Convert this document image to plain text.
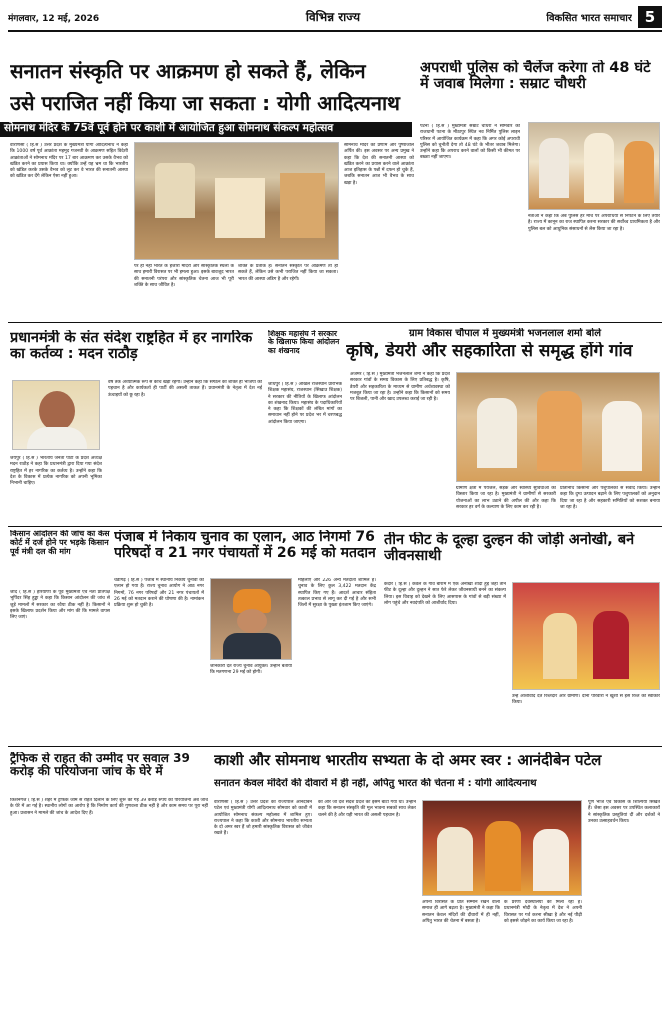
मंगलवार, 12 मई, 2026	विभिन्न राज्य	विकसित भारत समाचार 5
सनातन संस्कृति पर आक्रमण हो सकते हैं, लेकिन
उसे पराजित नहीं किया जा सकता : योगी आदित्यनाथ
सोमनाथ मंदिर के 75वें पूर्व होने पर काशी में आयोजित हुआ सोमनाथ संकल्प महोत्सव
वाराणसी ( हि.स ) उत्तर प्रदेश के मुख्यमंत्री योगी आदित्यनाथ ने कहा कि 1000 वर्ष पूर्व आक्रांता महमूद गजनवी के आक्रमण सहित विदेशी आक्रांताओं ने सोमनाथ मंदिर पर 17 बार आक्रमण कर उसके वैभव को खंडित करने का प्रयास किया था। क्योंकि उन्हें यह भ्रम था कि भारतीय को खंडित करके उसके वैभव को लूट कर वे भारत की सनातनी आस्था को खंडित कर देंगे लेकिन ऐसा नहीं हुआ।
पर ही नहीं भारत के हजारों मंदिरों और सांस्कृतिक स्थलों के साथ हमारी विरासत पर भी हमला हुआ। इसके बावजूद भारत की सनातनी परंपरा और सांस्कृतिक चेतना आज भी पूरी शक्ति के साथ जीवित है।
शक्ति के प्रतीक हैं। सनातन संस्कृति पर आक्रमण तो हो सकते हैं, लेकिन उसे कभी पराजित नहीं किया जा सकता। भारत की आस्था अडिग है और रहेगी।
सोमनाथ मंदिर को प्रणाम और पुष्पांजलि अर्पित की। इस अवसर पर अन्य प्रमुख ने कहा कि देश की सनातनी आस्था को खंडित करने का प्रयास करने वाले आक्रांता आज इतिहास के पन्नों में दफन हो चुके हैं, जबकि सनातन आज भी वैभव के साथ खड़ा है।
अपराधी पुलिस को चैलेंज करेगा तो 48 घंटे में जवाब मिलेगा : सम्राट चौधरी
पटना ( हि.स ) मुख्यमंत्री सम्राट चौधरी ने सोमवार को राजधानी पटना के मीठापुर स्थित नव निर्मित पुलिस लाइन परिसर में आयोजित कार्यक्रम में कहा कि अगर कोई अपराधी पुलिस को चुनौती देगा तो 48 घंटे के भीतर जवाब मिलेगा। उन्होंने कहा कि अपराध करने वालों को किसी भी कीमत पर बख्शा नहीं जाएगा।
नेताओं ने कहा कि अब पुलिस हर मोर्चे पर अपराधियों से निपटने के लिए तैयार है। राज्य में कानून का राज स्थापित करना सरकार की सर्वोच्च प्राथमिकता है और पुलिस बल को आधुनिक संसाधनों से लैस किया जा रहा है।
प्रधानमंत्री के संत संदेश राष्ट्रहित में हर नागरिक का कर्तव्य : मदन राठौड़
जयपुर ( हि.स ) भारतीय जनता पार्टी के प्रदेश अध्यक्ष मदन राठौड़ ने कहा कि प्रधानमंत्री द्वारा दिया गया संदेश राष्ट्रहित में हर नागरिक का कर्तव्य है। उन्होंने कहा कि देश के विकास में प्रत्येक नागरिक को अपनी भूमिका निभानी चाहिए।
वर्ष तक अध्यात्मिक रूप से कोच खड़ी रहेगी। उन्होंने कहा कि संगठन की शक्ति ही भाजपा की पहचान है और कार्यकर्ता ही पार्टी की असली ताकत हैं। प्रधानमंत्री के नेतृत्व में देश नई ऊंचाइयों को छू रहा है।
शिक्षक महासंघ ने सरकार के खिलाफ किया आंदोलन का शंखनाद
जोधपुर ( हि.स ) अखिल राजस्थान प्रारंभिक शिक्षक महासंघ, राजस्थान (सिखाउ शिक्षक) ने सरकार की नीतियों के खिलाफ आंदोलन का शंखनाद किया। महासंघ के पदाधिकारियों ने कहा कि शिक्षकों की लंबित मांगों का समाधान नहीं होने पर प्रदेश भर में चरणबद्ध आंदोलन किया जाएगा।
ग्राम विकास चौपाल में मुख्यमंत्री भजनलाल शर्मा बोले
कृषि, डेयरी और सहकारिता से समृद्ध होंगे गांव
अजमेर ( हि.स ) मुख्यमंत्री भजनलाल शर्मा ने कहा कि प्रदेश सरकार गांवों के समग्र विकास के लिए प्रतिबद्ध है। कृषि, डेयरी और सहकारिता के माध्यम से ग्रामीण अर्थव्यवस्था को मजबूत किया जा रहा है। उन्होंने कहा कि किसानों को समय पर बिजली, पानी और खाद उपलब्ध कराई जा रही है।
ग्रामीण क्षेत्रों में पेयजल, सड़क और स्वास्थ्य सुविधाओं का विस्तार किया जा रहा है। मुख्यमंत्री ने ग्रामीणों से सरकारी योजनाओं का लाभ उठाने की अपील की और कहा कि सरकार हर वर्ग के कल्याण के लिए काम कर रही है।
प्रतिनिधि किसानों और पशुपालकों से संवाद किया। उन्होंने कहा कि दुग्ध उत्पादन बढ़ाने के लिए पशुपालकों को अनुदान दिया जा रहा है और सहकारी समितियों को सशक्त बनाया जा रहा है।
किसान आंदोलन की जांच का केस कोर्ट में दर्ज होने पर भड़के किसान पूर्व मंत्री दल की मांग
जींद ( हि.स ) हरियाणा के पूर्व मुख्यमंत्री एवं नेता प्रतिपक्ष भूपिंदर सिंह हुड्डा ने कहा कि किसान आंदोलन की जांच से जुड़े मामलों में सरकार का रवैया ठीक नहीं है। किसानों ने इसके खिलाफ प्रदर्शन किया और मांग की कि मामले वापस लिए जाएं।
पंजाब में निकाय चुनाव का एलान, आठ निगमों 76 परिषदों व 21 नगर पंचायतों में 26 मई को मतदान
चंडीगढ़ ( हि.स ) पंजाब में स्थानीय निकाय चुनावों का एलान हो गया है। राज्य चुनाव आयोग ने आठ नगर निगमों, 76 नगर परिषदों और 21 नगर पंचायतों में 26 मई को मतदान कराने की घोषणा की है। नामांकन प्रक्रिया शुरू हो चुकी है।
जानकारी देते राज्य चुनाव आयुक्त। उन्होंने बताया कि मतगणना 29 मई को होगी।
महिलाएं और 226 अन्य मतदाता शामिल हैं। चुनाव के लिए कुल 3,422 मतदान केंद्र स्थापित किए गए हैं। आदर्श आचार संहिता तत्काल प्रभाव से लागू कर दी गई है और सभी जिलों में सुरक्षा के पुख्ता इंतजाम किए जाएंगे।
तीन फीट के दूल्हा दुल्हन की जोड़ी अनोखी, बने जीवनसाथी
केदार ( हि.स ) केवल के गांव बोराम में एक अनोखी शादी हुई जहां तीन फीट के दूल्हा और दुल्हन ने सात फेरे लेकर जीवनसाथी बनने का संकल्प लिया। इस विवाह को देखने के लिए आसपास के गांवों से बड़ी संख्या में लोग पहुंचे और नवदंपति को आशीर्वाद दिया।
उन्हें आशीर्वाद देते रिश्तेदार और ग्रामीण। दोनों परिवारों ने खुशी से इस रिश्ते को स्वीकार किया।
ट्रैफिक से राहत की उम्मीद पर सवाल 39 करोड़ की परियोजना जांच के घेरे में
किशनगंज ( हि.स ) शहर में ट्रैफिक जाम से राहत दिलाने के लिए शुरू की गई 39 करोड़ रुपये की परियोजना अब जांच के घेरे में आ गई है। स्थानीय लोगों का आरोप है कि निर्माण कार्य की गुणवत्ता ठीक नहीं है और काम समय पर पूरा नहीं हुआ। प्रशासन ने मामले की जांच के आदेश दिए हैं।
काशी और सोमनाथ भारतीय सभ्यता के दो अमर स्वर : आनंदीबेन पटेल
सनातन केवल मंदिरों की दीवारों में ही नहीं, अपितु भारत की चेतना में : योगी आदित्यनाथ
वाराणसी ( हि.स ) उत्तर प्रदेश की राज्यपाल आनंदीबेन पटेल एवं मुख्यमंत्री योगी आदित्यनाथ सोमवार को काशी में आयोजित सोमनाथ संकल्प महोत्सव में शामिल हुए। राज्यपाल ने कहा कि काशी और सोमनाथ भारतीय सभ्यता के दो अमर स्वर हैं जो हमारी सांस्कृतिक विरासत को जीवंत रखते हैं।
की ओर जो देश संदेश प्रदेश को इसमें बांटा गया था। उन्होंने कहा कि सनातन संस्कृति की मूल भावना सबको साथ लेकर चलने की है और यही भारत की असली पहचान है।
अपनी विरासत के प्रति सम्मान रखने वाला समाज ही आगे बढ़ता है। मुख्यमंत्री ने कहा कि सनातन केवल मंदिरों की दीवारों में ही नहीं, अपितु भारत की चेतना में बसता है।
के प्रेरणा देवस्थलियों को मिला रहा है। प्रधानमंत्री मोदी के नेतृत्व में देश ने अपनी विरासत पर गर्व करना सीखा है और नई पीढ़ी को इससे जोड़ने का कार्य किया जा रहा है।
पूर्ण भोज एवं विकास के शिल्पियों सिखते हैं। जैसा इस अवसर पर उपस्थित कलाकारों ने सांस्कृतिक प्रस्तुतियां दीं और दर्शकों ने उनका उत्साहवर्धन किया।
